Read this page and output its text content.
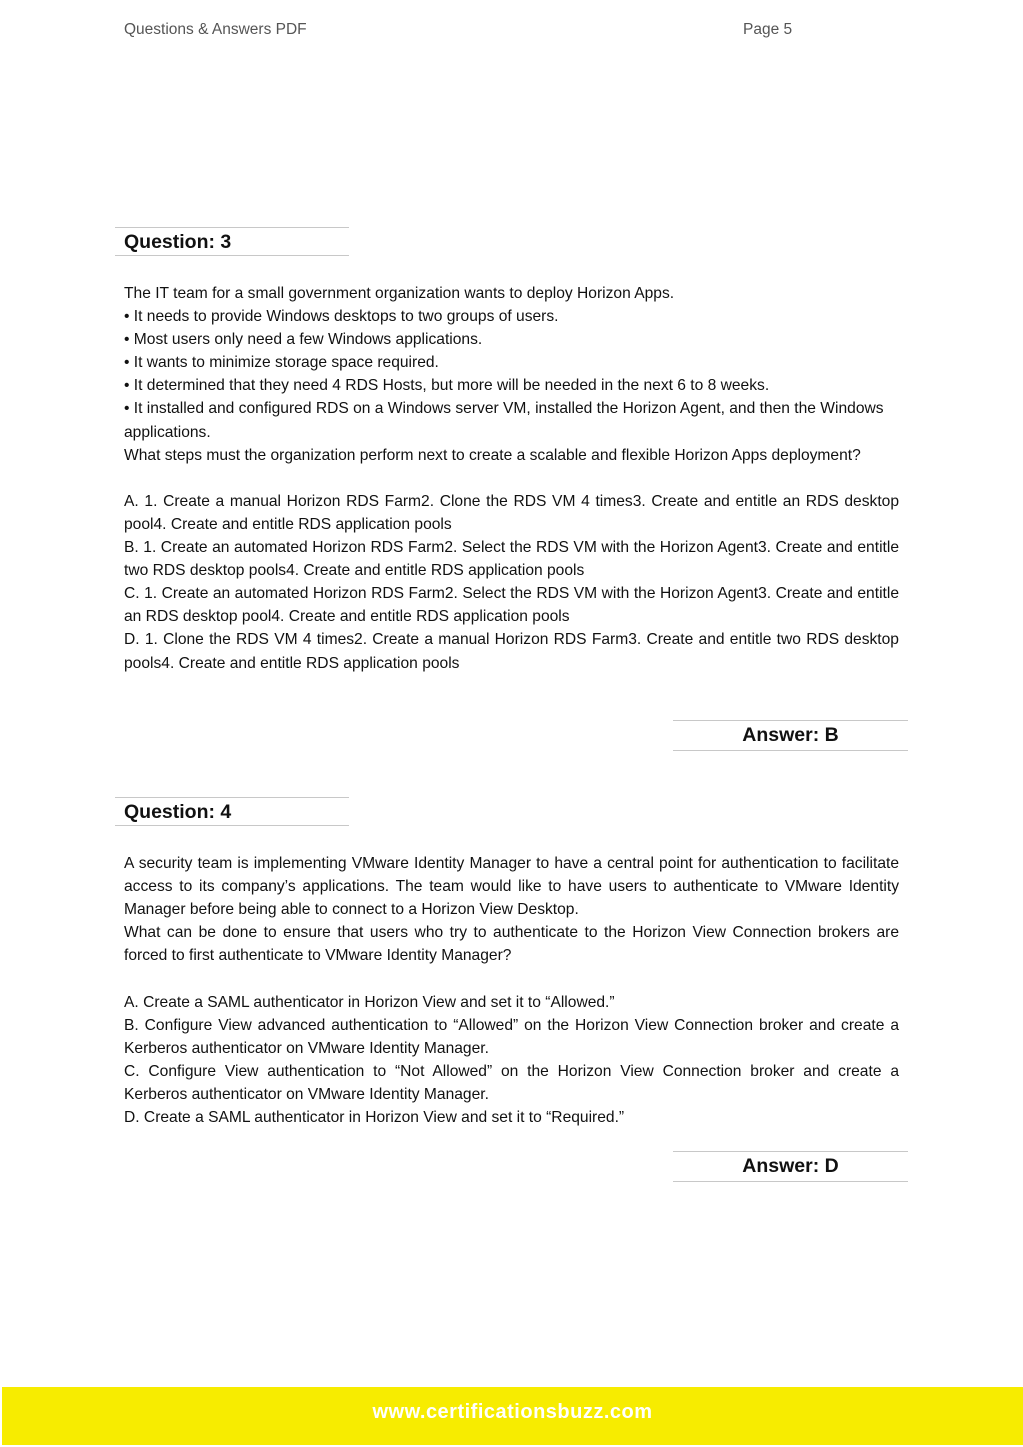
Questions & Answers PDF	Page 5
Question: 3

The IT team for a small government organization wants to deploy Horizon Apps.

• It needs to provide Windows desktops to two groups of users.

• Most users only need a few Windows applications.

• It wants to minimize storage space required.

• It determined that they need 4 RDS Hosts, but more will be needed in the next 6 to 8 weeks.

• It installed and configured RDS on a Windows server VM, installed the Horizon Agent, and then the Windows applications.

What steps must the organization perform next to create a scalable and flexible Horizon Apps deployment?

A. 1. Create a manual Horizon RDS Farm2. Clone the RDS VM 4 times3. Create and entitle an RDS desktop pool4. Create and entitle RDS application pools

B. 1. Create an automated Horizon RDS Farm2. Select the RDS VM with the Horizon Agent3. Create and entitle two RDS desktop pools4. Create and entitle RDS application pools

C. 1. Create an automated Horizon RDS Farm2. Select the RDS VM with the Horizon Agent3. Create and entitle an RDS desktop pool4. Create and entitle RDS application pools

D. 1. Clone the RDS VM 4 times2. Create a manual Horizon RDS Farm3. Create and entitle two RDS desktop pools4. Create and entitle RDS application pools

Answer: B
Question: 4

A security team is implementing VMware Identity Manager to have a central point for authentication to facilitate access to its company’s applications. The team would like to have users to authenticate to VMware Identity Manager before being able to connect to a Horizon View Desktop.

What can be done to ensure that users who try to authenticate to the Horizon View Connection brokers are forced to first authenticate to VMware Identity Manager?

A. Create a SAML authenticator in Horizon View and set it to “Allowed.”

B. Configure View advanced authentication to “Allowed” on the Horizon View Connection broker and create a Kerberos authenticator on VMware Identity Manager.

C. Configure View authentication to “Not Allowed” on the Horizon View Connection broker and create a Kerberos authenticator on VMware Identity Manager.

D. Create a SAML authenticator in Horizon View and set it to “Required.”

Answer: D
www.certificationsbuzz.com
